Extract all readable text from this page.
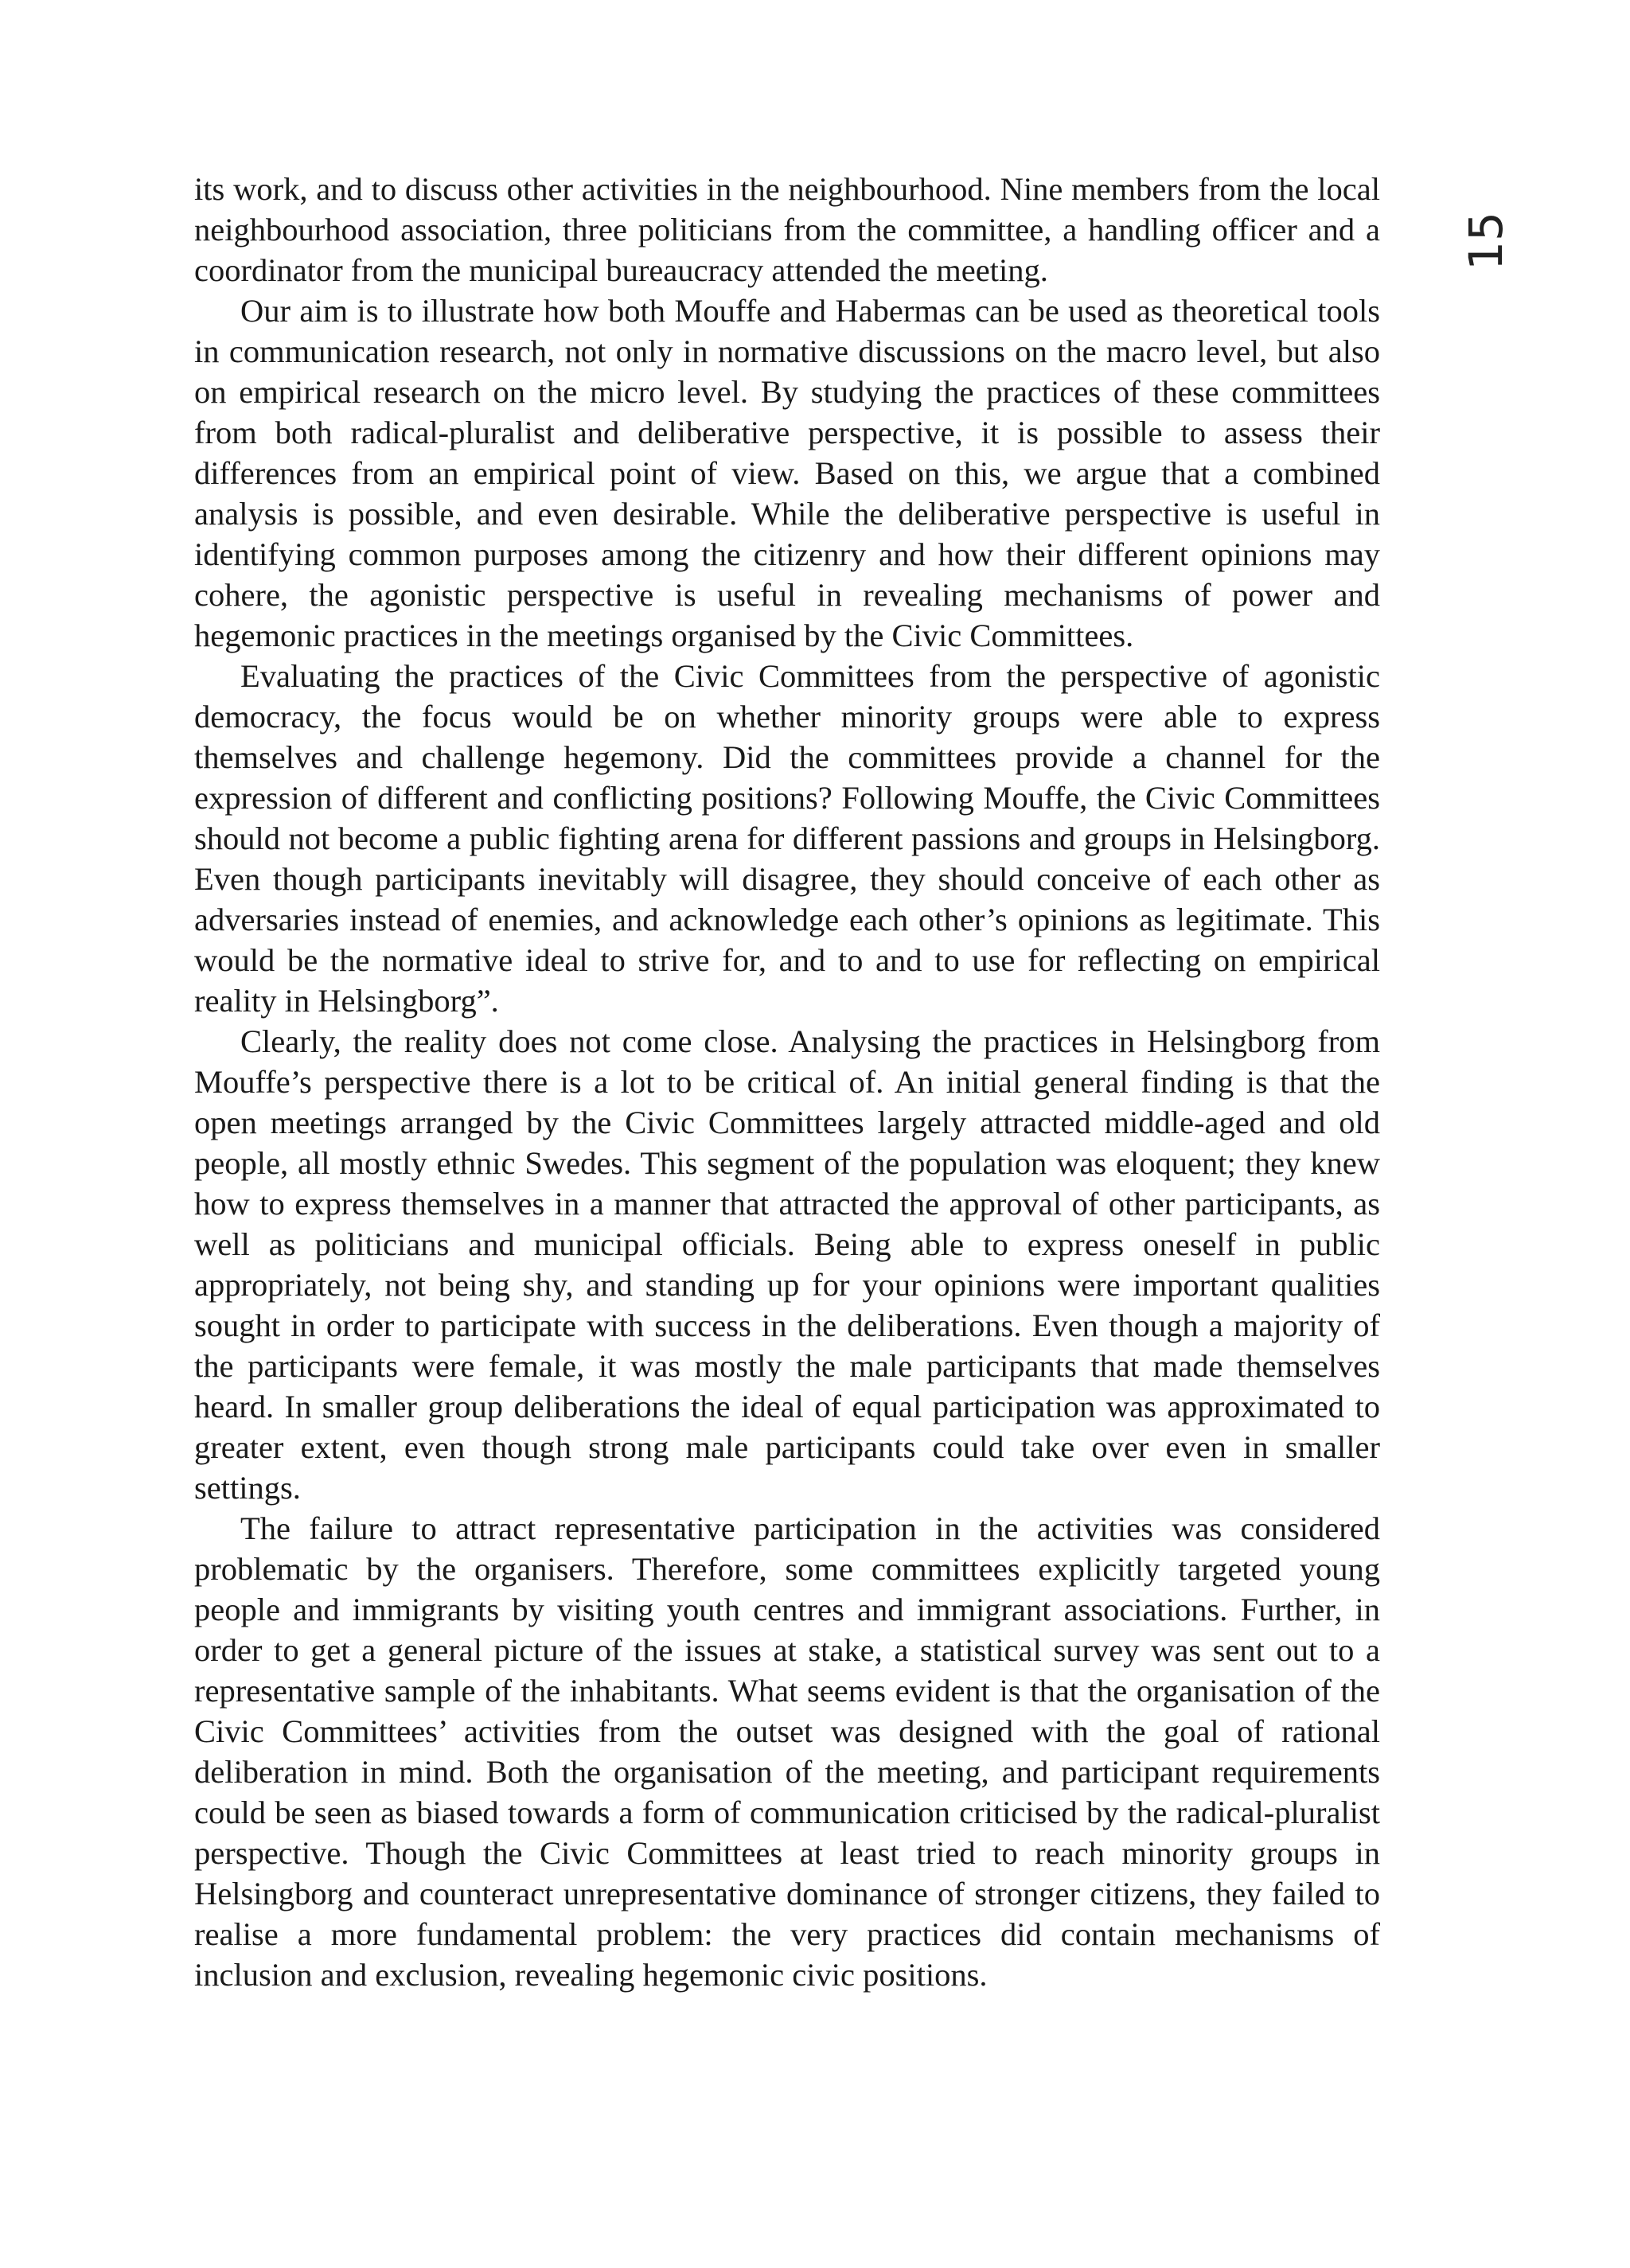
15

its work, and to discuss other activities in the neighbourhood. Nine members from the local neighbourhood association, three politicians from the committee, a handling officer and a coordinator from the municipal bureaucracy attended the meeting.

Our aim is to illustrate how both Mouffe and Habermas can be used as theoretical tools in communication research, not only in normative discussions on the macro level, but also on empirical research on the micro level. By studying the practices of these committees from both radical-pluralist and deliberative perspective, it is possible to assess their differences from an empirical point of view. Based on this, we argue that a combined analysis is possible, and even desirable. While the deliberative perspective is useful in identifying common purposes among the citizenry and how their different opinions may cohere, the agonistic perspective is useful in revealing mechanisms of power and hegemonic practices in the meetings organised by the Civic Committees.

Evaluating the practices of the Civic Committees from the perspective of agonistic democracy, the focus would be on whether minority groups were able to express themselves and challenge hegemony. Did the committees provide a channel for the expression of different and conflicting positions? Following Mouffe, the Civic Committees should not become a public fighting arena for different passions and groups in Helsingborg. Even though participants inevitably will disagree, they should conceive of each other as adversaries instead of enemies, and acknowledge each other’s opinions as legitimate. This would be the normative ideal to strive for, and to and to use for reflecting on empirical reality in Helsingborg”.

Clearly, the reality does not come close. Analysing the practices in Helsingborg from Mouffe’s perspective there is a lot to be critical of. An initial general finding is that the open meetings arranged by the Civic Committees largely attracted middle-aged and old people, all mostly ethnic Swedes. This segment of the population was eloquent; they knew how to express themselves in a manner that attracted the approval of other participants, as well as politicians and municipal officials. Being able to express oneself in public appropriately, not being shy, and standing up for your opinions were important qualities sought in order to participate with success in the deliberations. Even though a majority of the participants were female, it was mostly the male participants that made themselves heard. In smaller group deliberations the ideal of equal participation was approximated to greater extent, even though strong male participants could take over even in smaller settings.

The failure to attract representative participation in the activities was considered problematic by the organisers. Therefore, some committees explicitly targeted young people and immigrants by visiting youth centres and immigrant associations. Further, in order to get a general picture of the issues at stake, a statistical survey was sent out to a representative sample of the inhabitants. What seems evident is that the organisation of the Civic Committees’ activities from the outset was designed with the goal of rational deliberation in mind. Both the organisation of the meeting, and participant requirements could be seen as biased towards a form of communication criticised by the radical-pluralist perspective. Though the Civic Committees at least tried to reach minority groups in Helsingborg and counteract unrepresentative dominance of stronger citizens, they failed to realise a more fundamental problem: the very practices did contain mechanisms of inclusion and exclusion, revealing hegemonic civic positions.
